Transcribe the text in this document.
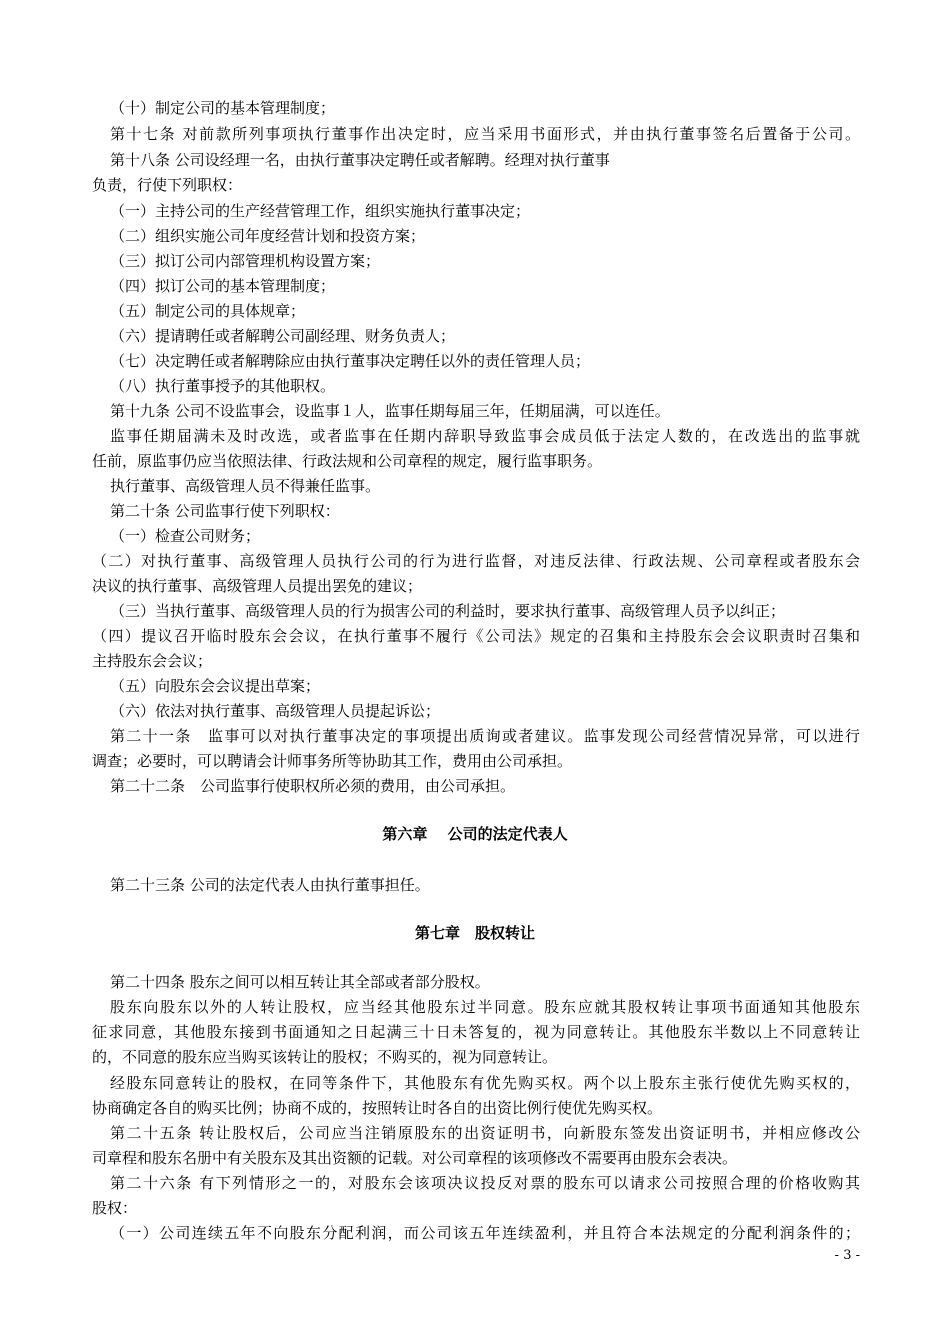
（十）制定公司的基本管理制度；
第十七条 对前款所列事项执行董事作出决定时，应当采用书面形式，并由执行董事签名后置备于公司。
第十八条 公司设经理一名，由执行董事决定聘任或者解聘。经理对执行董事
负责，行使下列职权：
（一）主持公司的生产经营管理工作，组织实施执行董事决定；
（二）组织实施公司年度经营计划和投资方案；
（三）拟订公司内部管理机构设置方案；
（四）拟订公司的基本管理制度；
（五）制定公司的具体规章；
（六）提请聘任或者解聘公司副经理、财务负责人；
（七）决定聘任或者解聘除应由执行董事决定聘任以外的责任管理人员；
（八）执行董事授予的其他职权。
第十九条 公司不设监事会，设监事１人，监事任期每届三年，任期届满，可以连任。
监事任期届满未及时改选，或者监事在任期内辞职导致监事会成员低于法定人数的，在改选出的监事就
任前，原监事仍应当依照法律、行政法规和公司章程的规定，履行监事职务。
执行董事、高级管理人员不得兼任监事。
第二十条 公司监事行使下列职权：
（一）检查公司财务；
（二）对执行董事、高级管理人员执行公司的行为进行监督，对违反法律、行政法规、公司章程或者股东会
决议的执行董事、高级管理人员提出罢免的建议；
（三）当执行董事、高级管理人员的行为损害公司的利益时，要求执行董事、高级管理人员予以纠正；
（四）提议召开临时股东会会议，在执行董事不履行《公司法》规定的召集和主持股东会会议职责时召集和
主持股东会会议；
（五）向股东会会议提出草案；
（六）依法对执行董事、高级管理人员提起诉讼；
第二十一条　监事可以对执行董事决定的事项提出质询或者建议。监事发现公司经营情况异常，可以进行
调查；必要时，可以聘请会计师事务所等协助其工作，费用由公司承担。
第二十二条　公司监事行使职权所必须的费用，由公司承担。
第六章　 公司的法定代表人
第二十三条 公司的法定代表人由执行董事担任。
第七章　股权转让
第二十四条 股东之间可以相互转让其全部或者部分股权。
股东向股东以外的人转让股权，应当经其他股东过半同意。股东应就其股权转让事项书面通知其他股东
征求同意，其他股东接到书面通知之日起满三十日未答复的，视为同意转让。其他股东半数以上不同意转让
的，不同意的股东应当购买该转让的股权；不购买的，视为同意转让。
经股东同意转让的股权，在同等条件下，其他股东有优先购买权。两个以上股东主张行使优先购买权的，
协商确定各自的购买比例；协商不成的，按照转让时各自的出资比例行使优先购买权。
第二十五条 转让股权后，公司应当注销原股东的出资证明书，向新股东签发出资证明书，并相应修改公
司章程和股东名册中有关股东及其出资额的记载。对公司章程的该项修改不需要再由股东会表决。
第二十六条 有下列情形之一的，对股东会该项决议投反对票的股东可以请求公司按照合理的价格收购其
股权：
（一）公司连续五年不向股东分配利润，而公司该五年连续盈利，并且符合本法规定的分配利润条件的；
- 3 -
